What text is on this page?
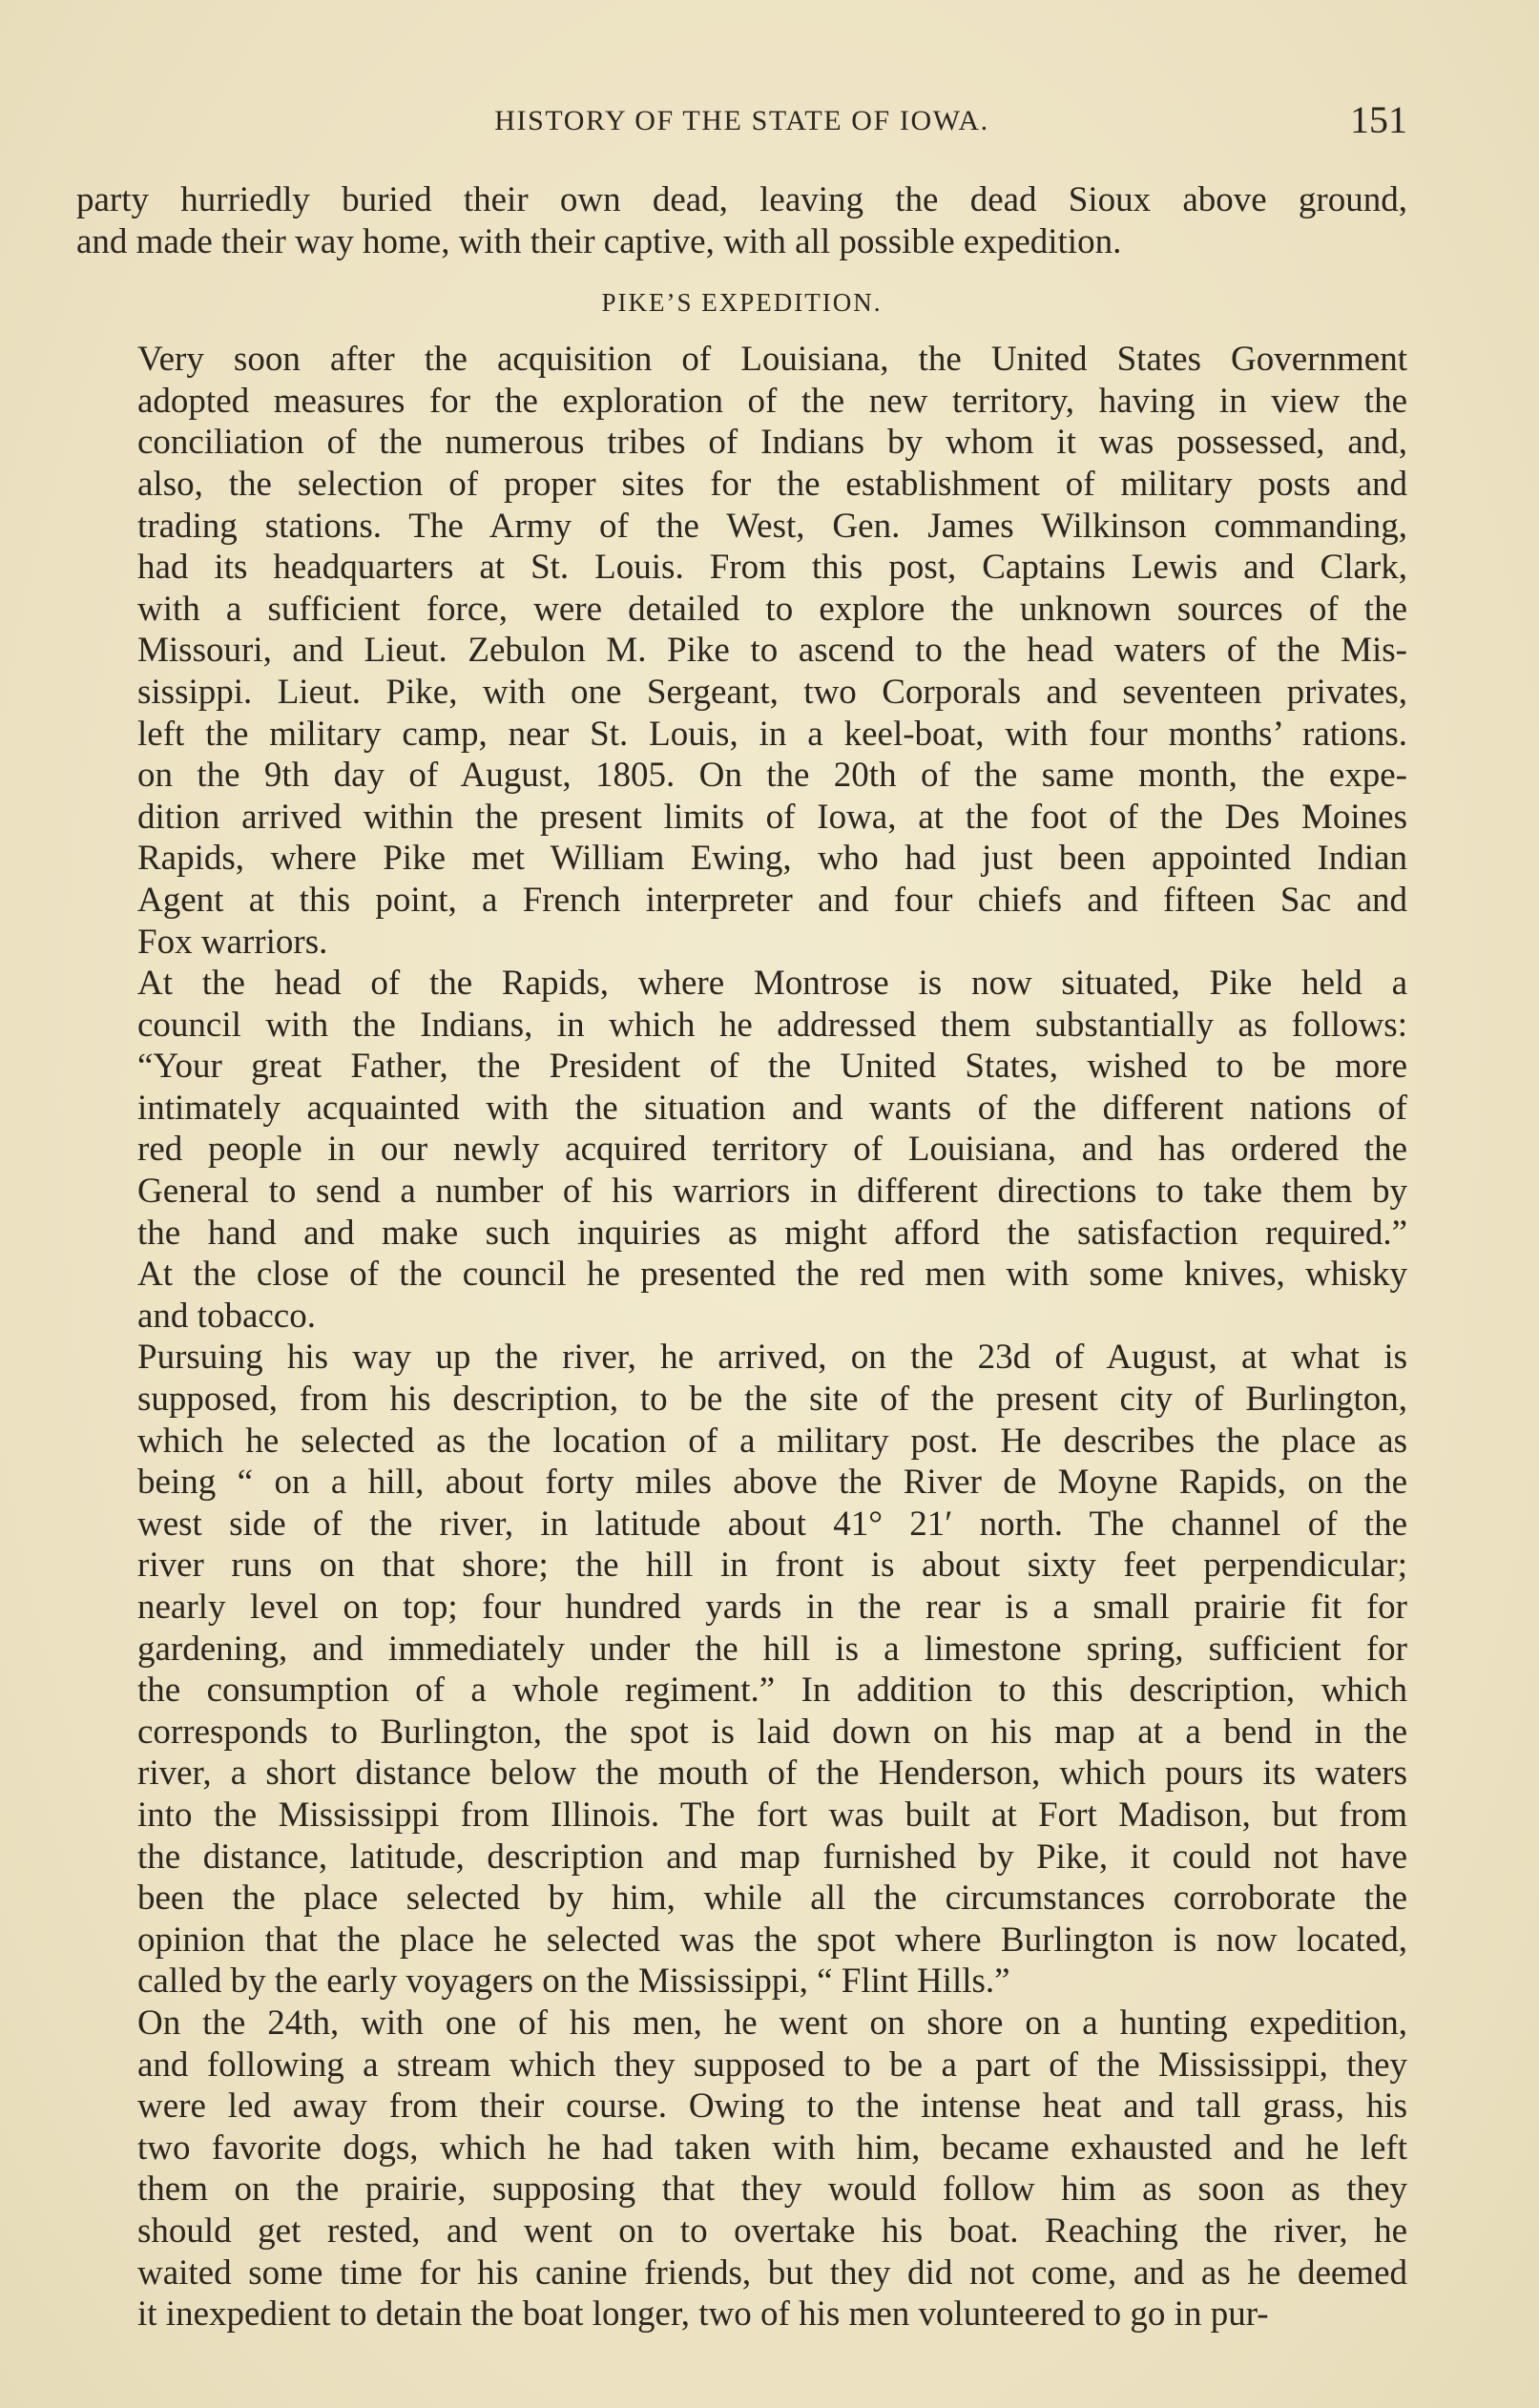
HISTORY OF THE STATE OF IOWA.	151

party hurriedly buried their own dead, leaving the dead Sioux above ground,
and made their way home, with their captive, with all possible expedition.

PIKE’S EXPEDITION.

Very soon after the acquisition of Louisiana, the United States Government
adopted measures for the exploration of the new territory, having in view the
conciliation of the numerous tribes of Indians by whom it was possessed, and,
also, the selection of proper sites for the establishment of military posts and
trading stations. The Army of the West, Gen. James Wilkinson commanding,
had its headquarters at St. Louis. From this post, Captains Lewis and Clark,
with a sufficient force, were detailed to explore the unknown sources of the
Missouri, and Lieut. Zebulon M. Pike to ascend to the head waters of the Mis-
sissippi. Lieut. Pike, with one Sergeant, two Corporals and seventeen privates,
left the military camp, near St. Louis, in a keel-boat, with four months’ rations.
on the 9th day of August, 1805. On the 20th of the same month, the expe-
dition arrived within the present limits of Iowa, at the foot of the Des Moines
Rapids, where Pike met William Ewing, who had just been appointed Indian
Agent at this point, a French interpreter and four chiefs and fifteen Sac and
Fox warriors.

At the head of the Rapids, where Montrose is now situated, Pike held a
council with the Indians, in which he addressed them substantially as follows:
“Your great Father, the President of the United States, wished to be more
intimately acquainted with the situation and wants of the different nations of
red people in our newly acquired territory of Louisiana, and has ordered the
General to send a number of his warriors in different directions to take them by
the hand and make such inquiries as might afford the satisfaction required.”
At the close of the council he presented the red men with some knives, whisky
and tobacco.

Pursuing his way up the river, he arrived, on the 23d of August, at what is
supposed, from his description, to be the site of the present city of Burlington,
which he selected as the location of a military post. He describes the place as
being “ on a hill, about forty miles above the River de Moyne Rapids, on the
west side of the river, in latitude about 41° 21′ north. The channel of the
river runs on that shore; the hill in front is about sixty feet perpendicular;
nearly level on top; four hundred yards in the rear is a small prairie fit for
gardening, and immediately under the hill is a limestone spring, sufficient for
the consumption of a whole regiment.” In addition to this description, which
corresponds to Burlington, the spot is laid down on his map at a bend in the
river, a short distance below the mouth of the Henderson, which pours its waters
into the Mississippi from Illinois. The fort was built at Fort Madison, but from
the distance, latitude, description and map furnished by Pike, it could not have
been the place selected by him, while all the circumstances corroborate the
opinion that the place he selected was the spot where Burlington is now located,
called by the early voyagers on the Mississippi, “ Flint Hills.”

On the 24th, with one of his men, he went on shore on a hunting expedition,
and following a stream which they supposed to be a part of the Mississippi, they
were led away from their course. Owing to the intense heat and tall grass, his
two favorite dogs, which he had taken with him, became exhausted and he left
them on the prairie, supposing that they would follow him as soon as they
should get rested, and went on to overtake his boat. Reaching the river, he
waited some time for his canine friends, but they did not come, and as he deemed
it inexpedient to detain the boat longer, two of his men volunteered to go in pur-
